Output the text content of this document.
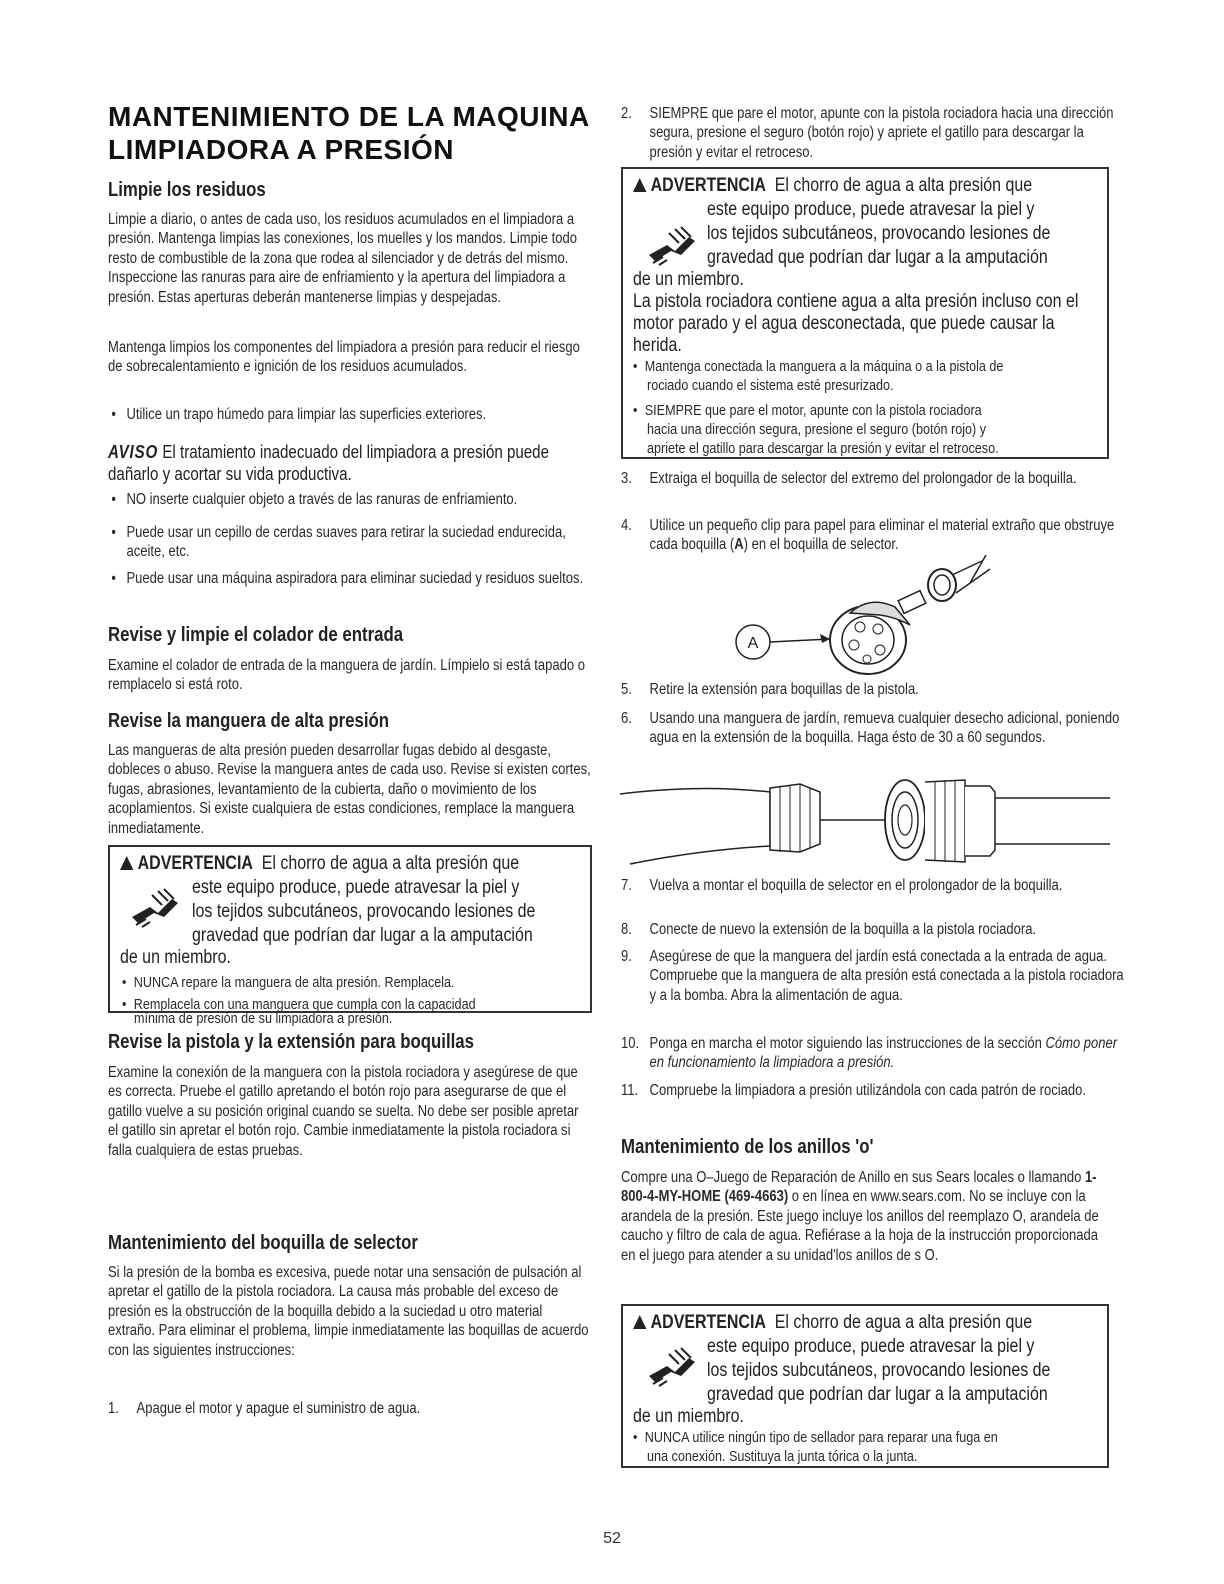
MANTENIMIENTO DE LA MAQUINA
LIMPIADORA A PRESIÓN
Limpie los residuos
Limpie a diario, o antes de cada uso, los residuos acumulados en el limpiadora a presión. Mantenga limpias las conexiones, los muelles y los mandos. Limpie todo resto de combustible de la zona que rodea al silenciador y de detrás del mismo. Inspeccione las ranuras para aire de enfriamiento y la apertura del limpiadora a presión. Estas aperturas deberán mantenerse limpias y despejadas.
Mantenga limpios los componentes del limpiadora a presión para reducir el riesgo de sobrecalentamiento e ignición de los residuos acumulados.
• Utilice un trapo húmedo para limpiar las superficies exteriores.
AVISO El tratamiento inadecuado del limpiadora a presión puede dañarlo y acortar su vida productiva.
• NO inserte cualquier objeto a través de las ranuras de enfriamiento.
• Puede usar un cepillo de cerdas suaves para retirar la suciedad endurecida, aceite, etc.
• Puede usar una máquina aspiradora para eliminar suciedad y residuos sueltos.
Revise y limpie el colador de entrada
Examine el colador de entrada de la manguera de jardín. Límpielo si está tapado o remplacelo si está roto.
Revise la manguera de alta presión
Las mangueras de alta presión pueden desarrollar fugas debido al desgaste, dobleces o abuso. Revise la manguera antes de cada uso. Revise si existen cortes, fugas, abrasiones, levantamiento de la cubierta, daño o movimiento de los acoplamientos. Si existe cualquiera de estas condiciones, remplace la manguera inmediatamente.
ADVERTENCIA El chorro de agua a alta presión que
este equipo produce, puede atravesar la piel y
los tejidos subcutáneos, provocando lesiones de
gravedad que podrían dar lugar a la amputación
de un miembro.
• NUNCA repare la manguera de alta presión. Remplacela.
• Remplacela con una manguera que cumpla con la capacidad
mínima de presión de su limpiadora a presión.
Revise la pistola y la extensión para boquillas
Examine la conexión de la manguera con la pistola rociadora y asegúrese de que es correcta. Pruebe el gatillo apretando el botón rojo para asegurarse de que el gatillo vuelve a su posición original cuando se suelta. No debe ser posible apretar el gatillo sin apretar el botón rojo. Cambie inmediatamente la pistola rociadora si falla cualquiera de estas pruebas.
Mantenimiento del boquilla de selector
Si la presión de la bomba es excesiva, puede notar una sensación de pulsación al apretar el gatillo de la pistola rociadora. La causa más probable del exceso de presión es la obstrucción de la boquilla debido a la suciedad u otro material extraño. Para eliminar el problema, limpie inmediatamente las boquillas de acuerdo con las siguientes instrucciones:
1. Apague el motor y apague el suministro de agua.
2. SIEMPRE que pare el motor, apunte con la pistola rociadora hacia una dirección segura, presione el seguro (botón rojo) y apriete el gatillo para descargar la presión y evitar el retroceso.
ADVERTENCIA El chorro de agua a alta presión que
este equipo produce, puede atravesar la piel y
los tejidos subcutáneos, provocando lesiones de
gravedad que podrían dar lugar a la amputación
de un miembro.
La pistola rociadora contiene agua a alta presión incluso con el motor parado y el agua desconectada, que puede causar la herida.
• Mantenga conectada la manguera a la máquina o a la pistola de
rociado cuando el sistema esté presurizado.
• SIEMPRE que pare el motor, apunte con la pistola rociadora
hacia una dirección segura, presione el seguro (botón rojo) y
apriete el gatillo para descargar la presión y evitar el retroceso.
3. Extraiga el boquilla de selector del extremo del prolongador de la boquilla.
4. Utilice un pequeño clip para papel para eliminar el material extraño que obstruye cada boquilla (A) en el boquilla de selector.
A
5. Retire la extensión para boquillas de la pistola.
6. Usando una manguera de jardín, remueva cualquier desecho adicional, poniendo agua en la extensión de la boquilla. Haga ésto de 30 a 60 segundos.
7. Vuelva a montar el boquilla de selector en el prolongador de la boquilla.
8. Conecte de nuevo la extensión de la boquilla a la pistola rociadora.
9. Asegúrese de que la manguera del jardín está conectada a la entrada de agua. Compruebe que la manguera de alta presión está conectada a la pistola rociadora y a la bomba. Abra la alimentación de agua.
10. Ponga en marcha el motor siguiendo las instrucciones de la sección Cómo poner en funcionamiento la limpiadora a presión.
11. Compruebe la limpiadora a presión utilizándola con cada patrón de rociado.
Mantenimiento de los anillos 'o'
Compre una O–Juego de Reparación de Anillo en sus Sears locales o llamando 1-800-4-MY-HOME (469-4663) o en línea en www.sears.com. No se incluye con la arandela de la presión. Este juego incluye los anillos del reemplazo O, arandela de caucho y filtro de cala de agua. Refiérase a la hoja de la instrucción proporcionada en el juego para atender a su unidad'los anillos de s O.
ADVERTENCIA El chorro de agua a alta presión que
este equipo produce, puede atravesar la piel y
los tejidos subcutáneos, provocando lesiones de
gravedad que podrían dar lugar a la amputación
de un miembro.
• NUNCA utilice ningún tipo de sellador para reparar una fuga en
una conexión. Sustituya la junta tórica o la junta.
52
